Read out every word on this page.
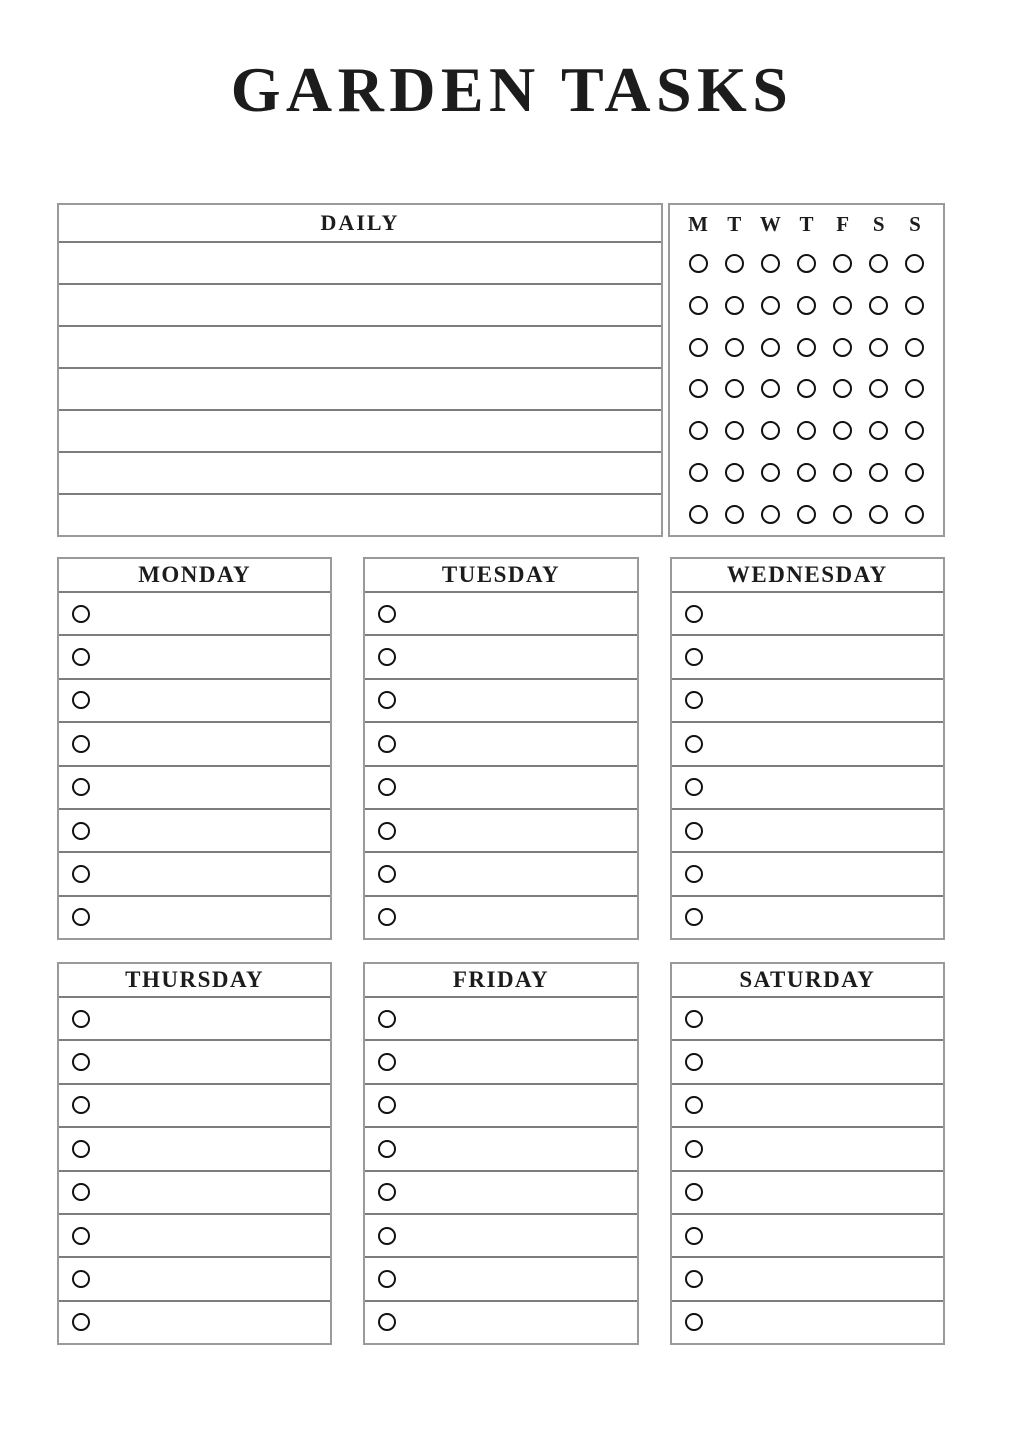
GARDEN TASKS
DAILY	M T W T F S S
MONDAY	TUESDAY	WEDNESDAY
THURSDAY	FRIDAY	SATURDAY
